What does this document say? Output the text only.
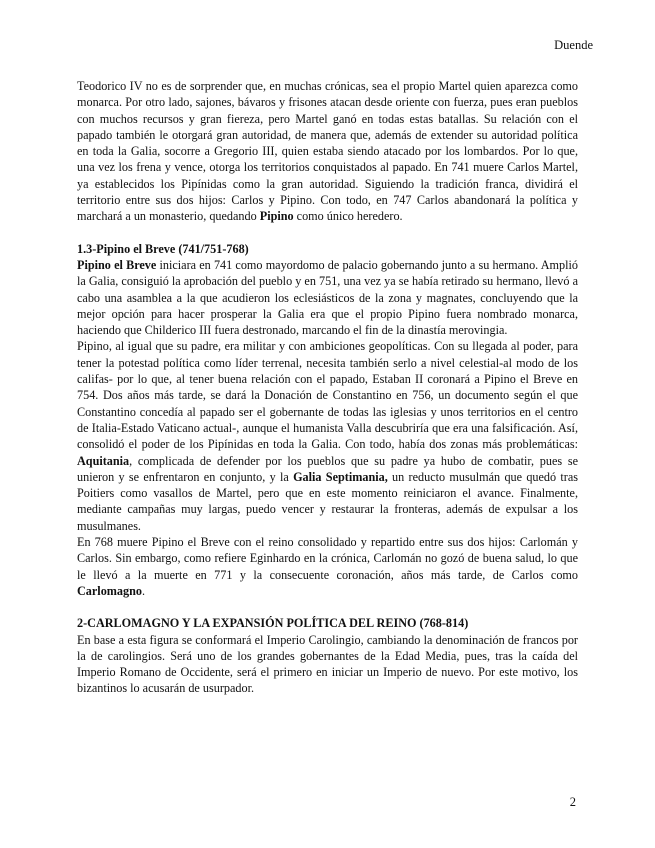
Duende

Teodorico IV no es de sorprender que, en muchas crónicas, sea el propio Martel quien aparezca como monarca. Por otro lado, sajones, bávaros y frisones atacan desde oriente con fuerza, pues eran pueblos con muchos recursos y gran fiereza, pero Martel ganó en todas estas batallas. Su relación con el papado también le otorgará gran autoridad, de manera que, además de extender su autoridad política en toda la Galia, socorre a Gregorio III, quien estaba siendo atacado por los lombardos. Por lo que, una vez los frena y vence, otorga los territorios conquistados al papado. En 741 muere Carlos Martel, ya establecidos los Pipínidas como la gran autoridad. Siguiendo la tradición franca, dividirá el territorio entre sus dos hijos: Carlos y Pipino. Con todo, en 747 Carlos abandonará la política y marchará a un monasterio, quedando Pipino como único heredero.

1.3-Pipino el Breve (741/751-768)

Pipino el Breve iniciara en 741 como mayordomo de palacio gobernando junto a su hermano. Amplió la Galia, consiguió la aprobación del pueblo y en 751, una vez ya se había retirado su hermano, llevó a cabo una asamblea a la que acudieron los eclesiásticos de la zona y magnates, concluyendo que la mejor opción para hacer prosperar la Galia era que el propio Pipino fuera nombrado monarca, haciendo que Childerico III fuera destronado, marcando el fin de la dinastía merovingia.

Pipino, al igual que su padre, era militar y con ambiciones geopolíticas. Con su llegada al poder, para tener la potestad política como líder terrenal, necesita también serlo a nivel celestial-al modo de los califas- por lo que, al tener buena relación con el papado, Estaban II coronará a Pipino el Breve en 754. Dos años más tarde, se dará la Donación de Constantino en 756, un documento según el que Constantino concedía al papado ser el gobernante de todas las iglesias y unos territorios en el centro de Italia-Estado Vaticano actual-, aunque el humanista Valla descubriría que era una falsificación. Así, consolidó el poder de los Pipínidas en toda la Galia. Con todo, había dos zonas más problemáticas: Aquitania, complicada de defender por los pueblos que su padre ya hubo de combatir, pues se unieron y se enfrentaron en conjunto, y la Galia Septimania, un reducto musulmán que quedó tras Poitiers como vasallos de Martel, pero que en este momento reiniciaron el avance. Finalmente, mediante campañas muy largas, puedo vencer y restaurar la fronteras, además de expulsar a los musulmanes.

En 768 muere Pipino el Breve con el reino consolidado y repartido entre sus dos hijos: Carlomán y Carlos. Sin embargo, como refiere Eginhardo en la crónica, Carlomán no gozó de buena salud, lo que le llevó a la muerte en 771 y la consecuente coronación, años más tarde, de Carlos como Carlomagno.

2-CARLOMAGNO Y LA EXPANSIÓN POLÍTICA DEL REINO (768-814)

En base a esta figura se conformará el Imperio Carolingio, cambiando la denominación de francos por la de carolingios. Será uno de los grandes gobernantes de la Edad Media, pues, tras la caída del Imperio Romano de Occidente, será el primero en iniciar un Imperio de nuevo. Por este motivo, los bizantinos lo acusarán de usurpador.

2
